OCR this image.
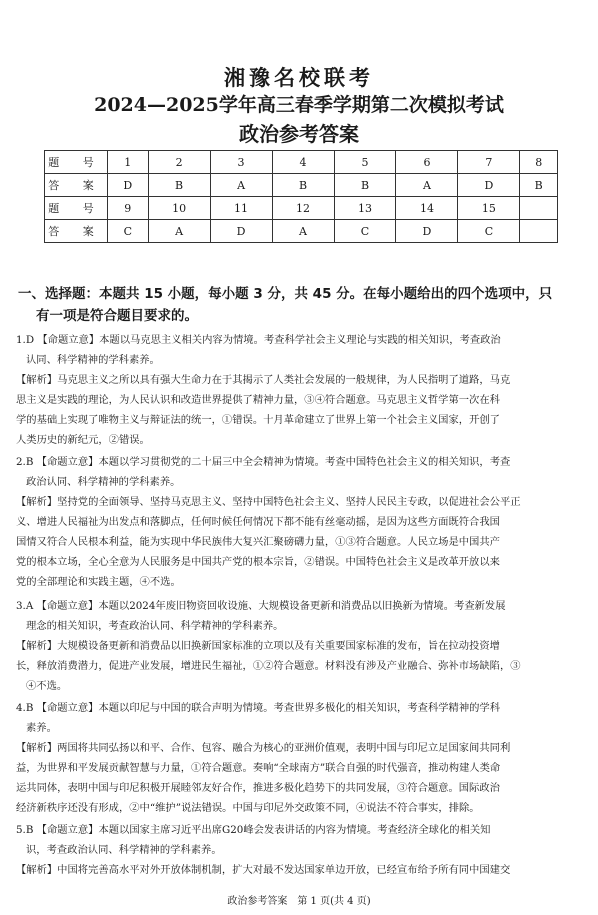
湘豫名校联考
2024—2025学年高三春季学期第二次模拟考试
政治参考答案
题 号	1	2	3	4	5	6	7	8
答 案	D	B	A	B	B	A	D	B
题 号	9	10	11	12	13	14	15	
答 案	C	A	D	A	C	D	C	
一、选择题：本题共 15 小题，每小题 3 分，共 45 分。在每小题给出的四个选项中，只
有一项是符合题目要求的。
1.D 【命题立意】本题以马克思主义相关内容为情境。考查科学社会主义理论与实践的相关知识，考查政治
认同、科学精神的学科素养。
【解析】马克思主义之所以具有强大生命力在于其揭示了人类社会发展的一般规律，为人民指明了道路，马克
思主义是实践的理论，为人民认识和改造世界提供了精神力量，③④符合题意。马克思主义哲学第一次在科
学的基础上实现了唯物主义与辩证法的统一，①错误。十月革命建立了世界上第一个社会主义国家，开创了
人类历史的新纪元，②错误。
2.B 【命题立意】本题以学习贯彻党的二十届三中全会精神为情境。考查中国特色社会主义的相关知识，考查
政治认同、科学精神的学科素养。
【解析】坚持党的全面领导、坚持马克思主义、坚持中国特色社会主义、坚持人民民主专政，以促进社会公平正
义、增进人民福祉为出发点和落脚点，任何时候任何情况下都不能有丝毫动摇，是因为这些方面既符合我国
国情又符合人民根本利益，能为实现中华民族伟大复兴汇聚磅礴力量，①③符合题意。人民立场是中国共产
党的根本立场，全心全意为人民服务是中国共产党的根本宗旨，②错误。中国特色社会主义是改革开放以来
党的全部理论和实践主题，④不选。
3.A 【命题立意】本题以2024年废旧物资回收设施、大规模设备更新和消费品以旧换新为情境。考查新发展
理念的相关知识，考查政治认同、科学精神的学科素养。
【解析】大规模设备更新和消费品以旧换新国家标准的立项以及有关重要国家标准的发布，旨在拉动投资增
长，释放消费潜力，促进产业发展，增进民生福祉，①②符合题意。材料没有涉及产业融合、弥补市场缺陷，③
④不选。
4.B 【命题立意】本题以印尼与中国的联合声明为情境。考查世界多极化的相关知识，考查科学精神的学科
素养。
【解析】两国将共同弘扬以和平、合作、包容、融合为核心的亚洲价值观，表明中国与印尼立足国家间共同利
益，为世界和平发展贡献智慧与力量，①符合题意。奏响“全球南方”联合自强的时代强音，推动构建人类命
运共同体，表明中国与印尼积极开展睦邻友好合作，推进多极化趋势下的共同发展，③符合题意。国际政治
经济新秩序还没有形成，②中“维护”说法错误。中国与印尼外交政策不同，④说法不符合事实，排除。
5.B 【命题立意】本题以国家主席习近平出席G20峰会发表讲话的内容为情境。考查经济全球化的相关知
识，考查政治认同、科学精神的学科素养。
【解析】中国将完善高水平对外开放体制机制，扩大对最不发达国家单边开放，已经宣布给予所有同中国建交
政治参考答案　第 1 页(共 4 页)
